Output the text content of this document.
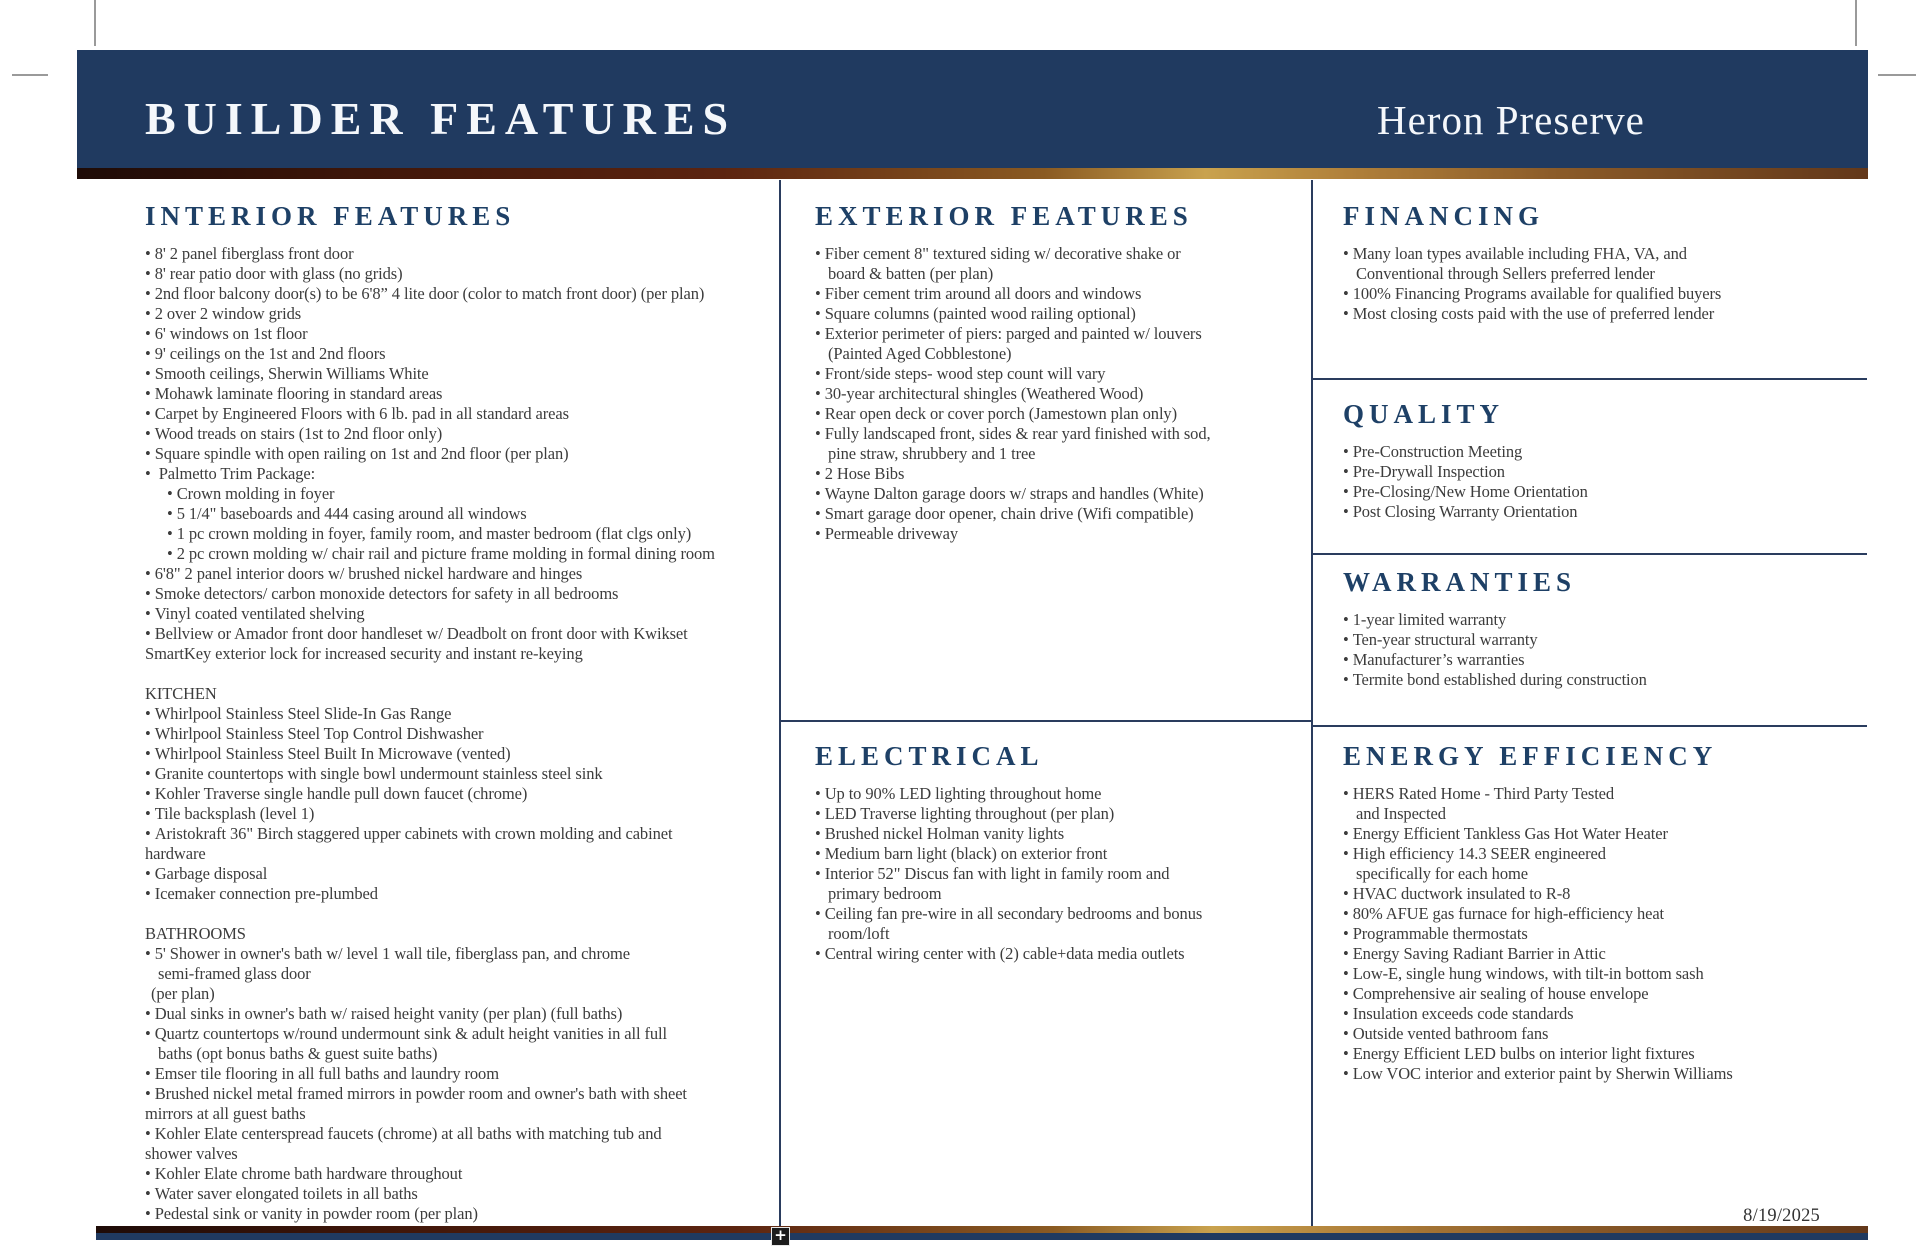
BUILDER FEATURES	Heron Preserve
INTERIOR FEATURES
• 8' 2 panel fiberglass front door
• 8' rear patio door with glass (no grids)
• 2nd floor balcony door(s) to be 6'8” 4 lite door (color to match front door) (per plan)
• 2 over 2 window grids
• 6' windows on 1st floor
• 9' ceilings on the 1st and 2nd floors
• Smooth ceilings, Sherwin Williams White
• Mohawk laminate flooring in standard areas
• Carpet by Engineered Floors with 6 lb. pad in all standard areas
• Wood treads on stairs (1st to 2nd floor only)
• Square spindle with open railing on 1st and 2nd floor (per plan)
•  Palmetto Trim Package:
• Crown molding in foyer
• 5 1/4" baseboards and 444 casing around all windows
• 1 pc crown molding in foyer, family room, and master bedroom (flat clgs only)
• 2 pc crown molding w/ chair rail and picture frame molding in formal dining room
• 6'8" 2 panel interior doors w/ brushed nickel hardware and hinges
• Smoke detectors/ carbon monoxide detectors for safety in all bedrooms
• Vinyl coated ventilated shelving
• Bellview or Amador front door handleset w/ Deadbolt on front door with Kwikset
SmartKey exterior lock for increased security and instant re-keying
KITCHEN
• Whirlpool Stainless Steel Slide-In Gas Range
• Whirlpool Stainless Steel Top Control Dishwasher
• Whirlpool Stainless Steel Built In Microwave (vented)
• Granite countertops with single bowl undermount stainless steel sink
• Kohler Traverse single handle pull down faucet (chrome)
• Tile backsplash (level 1)
• Aristokraft 36" Birch staggered upper cabinets with crown molding and cabinet
hardware
• Garbage disposal
• Icemaker connection pre-plumbed
BATHROOMS
• 5' Shower in owner's bath w/ level 1 wall tile, fiberglass pan, and chrome
semi-framed glass door
(per plan)
• Dual sinks in owner's bath w/ raised height vanity (per plan) (full baths)
• Quartz countertops w/round undermount sink & adult height vanities in all full
baths (opt bonus baths & guest suite baths)
• Emser tile flooring in all full baths and laundry room
• Brushed nickel metal framed mirrors in powder room and owner's bath with sheet
mirrors at all guest baths
• Kohler Elate centerspread faucets (chrome) at all baths with matching tub and
shower valves
• Kohler Elate chrome bath hardware throughout
• Water saver elongated toilets in all baths
• Pedestal sink or vanity in powder room (per plan)
EXTERIOR FEATURES
• Fiber cement 8" textured siding w/ decorative shake or
board & batten (per plan)
• Fiber cement trim around all doors and windows
• Square columns (painted wood railing optional)
• Exterior perimeter of piers: parged and painted w/ louvers
(Painted Aged Cobblestone)
• Front/side steps- wood step count will vary
• 30-year architectural shingles (Weathered Wood)
• Rear open deck or cover porch (Jamestown plan only)
• Fully landscaped front, sides & rear yard finished with sod,
pine straw, shrubbery and 1 tree
• 2 Hose Bibs
• Wayne Dalton garage doors w/ straps and handles (White)
• Smart garage door opener, chain drive (Wifi compatible)
• Permeable driveway
ELECTRICAL
• Up to 90% LED lighting throughout home
• LED Traverse lighting throughout (per plan)
• Brushed nickel Holman vanity lights
• Medium barn light (black) on exterior front
• Interior 52" Discus fan with light in family room and
primary bedroom
• Ceiling fan pre-wire in all secondary bedrooms and bonus
room/loft
• Central wiring center with (2) cable+data media outlets
FINANCING
• Many loan types available including FHA, VA, and
Conventional through Sellers preferred lender
• 100% Financing Programs available for qualified buyers
• Most closing costs paid with the use of preferred lender
QUALITY
• Pre-Construction Meeting
• Pre-Drywall Inspection
• Pre-Closing/New Home Orientation
• Post Closing Warranty Orientation
WARRANTIES
• 1-year limited warranty
• Ten-year structural warranty
• Manufacturer’s warranties
• Termite bond established during construction
ENERGY EFFICIENCY
• HERS Rated Home - Third Party Tested
and Inspected
• Energy Efficient Tankless Gas Hot Water Heater
• High efficiency 14.3 SEER engineered
specifically for each home
• HVAC ductwork insulated to R-8
• 80% AFUE gas furnace for high-efficiency heat
• Programmable thermostats
• Energy Saving Radiant Barrier in Attic
• Low-E, single hung windows, with tilt-in bottom sash
• Comprehensive air sealing of house envelope
• Insulation exceeds code standards
• Outside vented bathroom fans
• Energy Efficient LED bulbs on interior light fixtures
• Low VOC interior and exterior paint by Sherwin Williams
+
8/19/2025
